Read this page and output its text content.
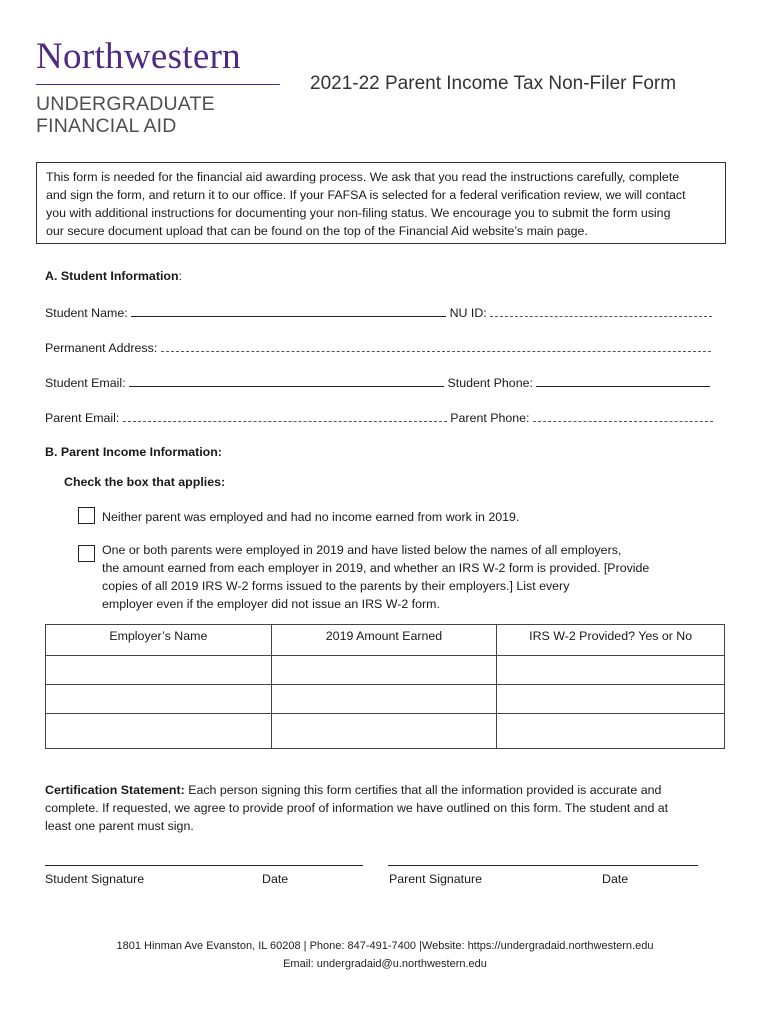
Northwestern
UNDERGRADUATE
FINANCIAL AID
2021-22 Parent Income Tax Non-Filer Form
This form is needed for the financial aid awarding process. We ask that you read the instructions carefully, complete
and sign the form, and return it to our office. If your FAFSA is selected for a federal verification review, we will contact
you with additional instructions for documenting your non-filing status. We encourage you to submit the form using
our secure document upload that can be found on the top of the Financial Aid website’s main page.
A. Student Information:
Student Name:	NU ID:
Permanent Address:
Student Email:	Student Phone:
Parent Email:	Parent Phone:
B. Parent Income Information:
Check the box that applies:
Neither parent was employed and had no income earned from work in 2019.
One or both parents were employed in 2019 and have listed below the names of all employers,
the amount earned from each employer in 2019, and whether an IRS W-2 form is provided. [Provide
copies of all 2019 IRS W-2 forms issued to the parents by their employers.] List every
employer even if the employer did not issue an IRS W-2 form.
Employer’s Name	2019 Amount Earned	IRS W-2 Provided? Yes or No

Certification Statement: Each person signing this form certifies that all the information provided is accurate and
complete. If requested, we agree to provide proof of information we have outlined on this form. The student and at
least one parent must sign.
Student Signature	Date	Parent Signature	Date
1801 Hinman Ave Evanston, IL 60208 | Phone: 847-491-7400 |Website: https://undergradaid.northwestern.edu
Email: undergradaid@u.northwestern.edu
